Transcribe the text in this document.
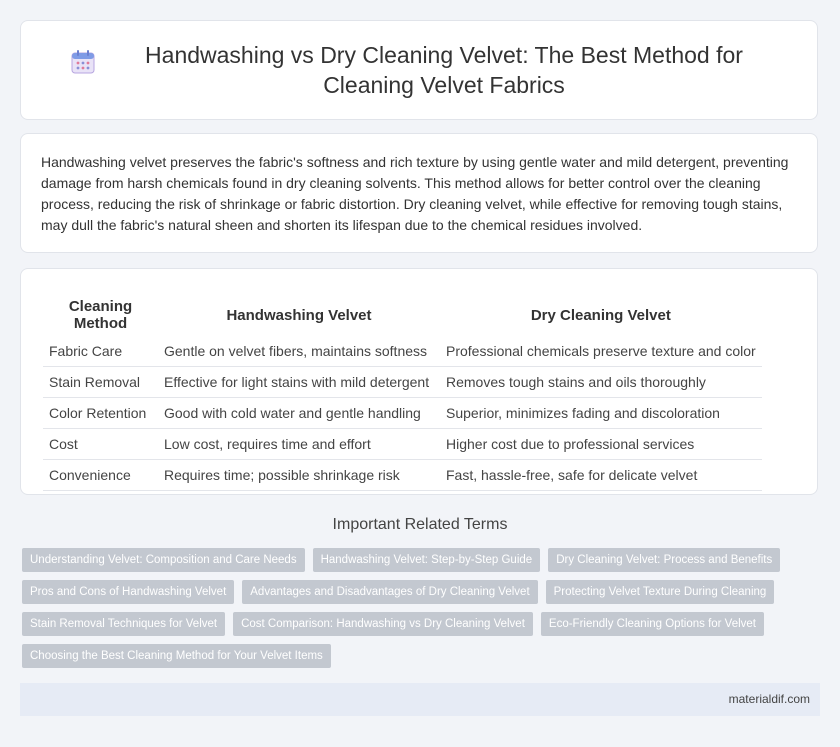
Handwashing vs Dry Cleaning Velvet: The Best Method for Cleaning Velvet Fabrics

Handwashing velvet preserves the fabric's softness and rich texture by using gentle water and mild detergent, preventing damage from harsh chemicals found in dry cleaning solvents. This method allows for better control over the cleaning process, reducing the risk of shrinkage or fabric distortion. Dry cleaning velvet, while effective for removing tough stains, may dull the fabric's natural sheen and shorten its lifespan due to the chemical residues involved.

Cleaning Method	Handwashing Velvet	Dry Cleaning Velvet
Fabric Care	Gentle on velvet fibers, maintains softness	Professional chemicals preserve texture and color
Stain Removal	Effective for light stains with mild detergent	Removes tough stains and oils thoroughly
Color Retention	Good with cold water and gentle handling	Superior, minimizes fading and discoloration
Cost	Low cost, requires time and effort	Higher cost due to professional services
Convenience	Requires time; possible shrinkage risk	Fast, hassle-free, safe for delicate velvet
Important Related Terms
Understanding Velvet: Composition and Care Needs	Handwashing Velvet: Step-by-Step Guide	Dry Cleaning Velvet: Process and Benefits
Pros and Cons of Handwashing Velvet	Advantages and Disadvantages of Dry Cleaning Velvet	Protecting Velvet Texture During Cleaning
Stain Removal Techniques for Velvet	Cost Comparison: Handwashing vs Dry Cleaning Velvet	Eco-Friendly Cleaning Options for Velvet
Choosing the Best Cleaning Method for Your Velvet Items
materialdif.com
